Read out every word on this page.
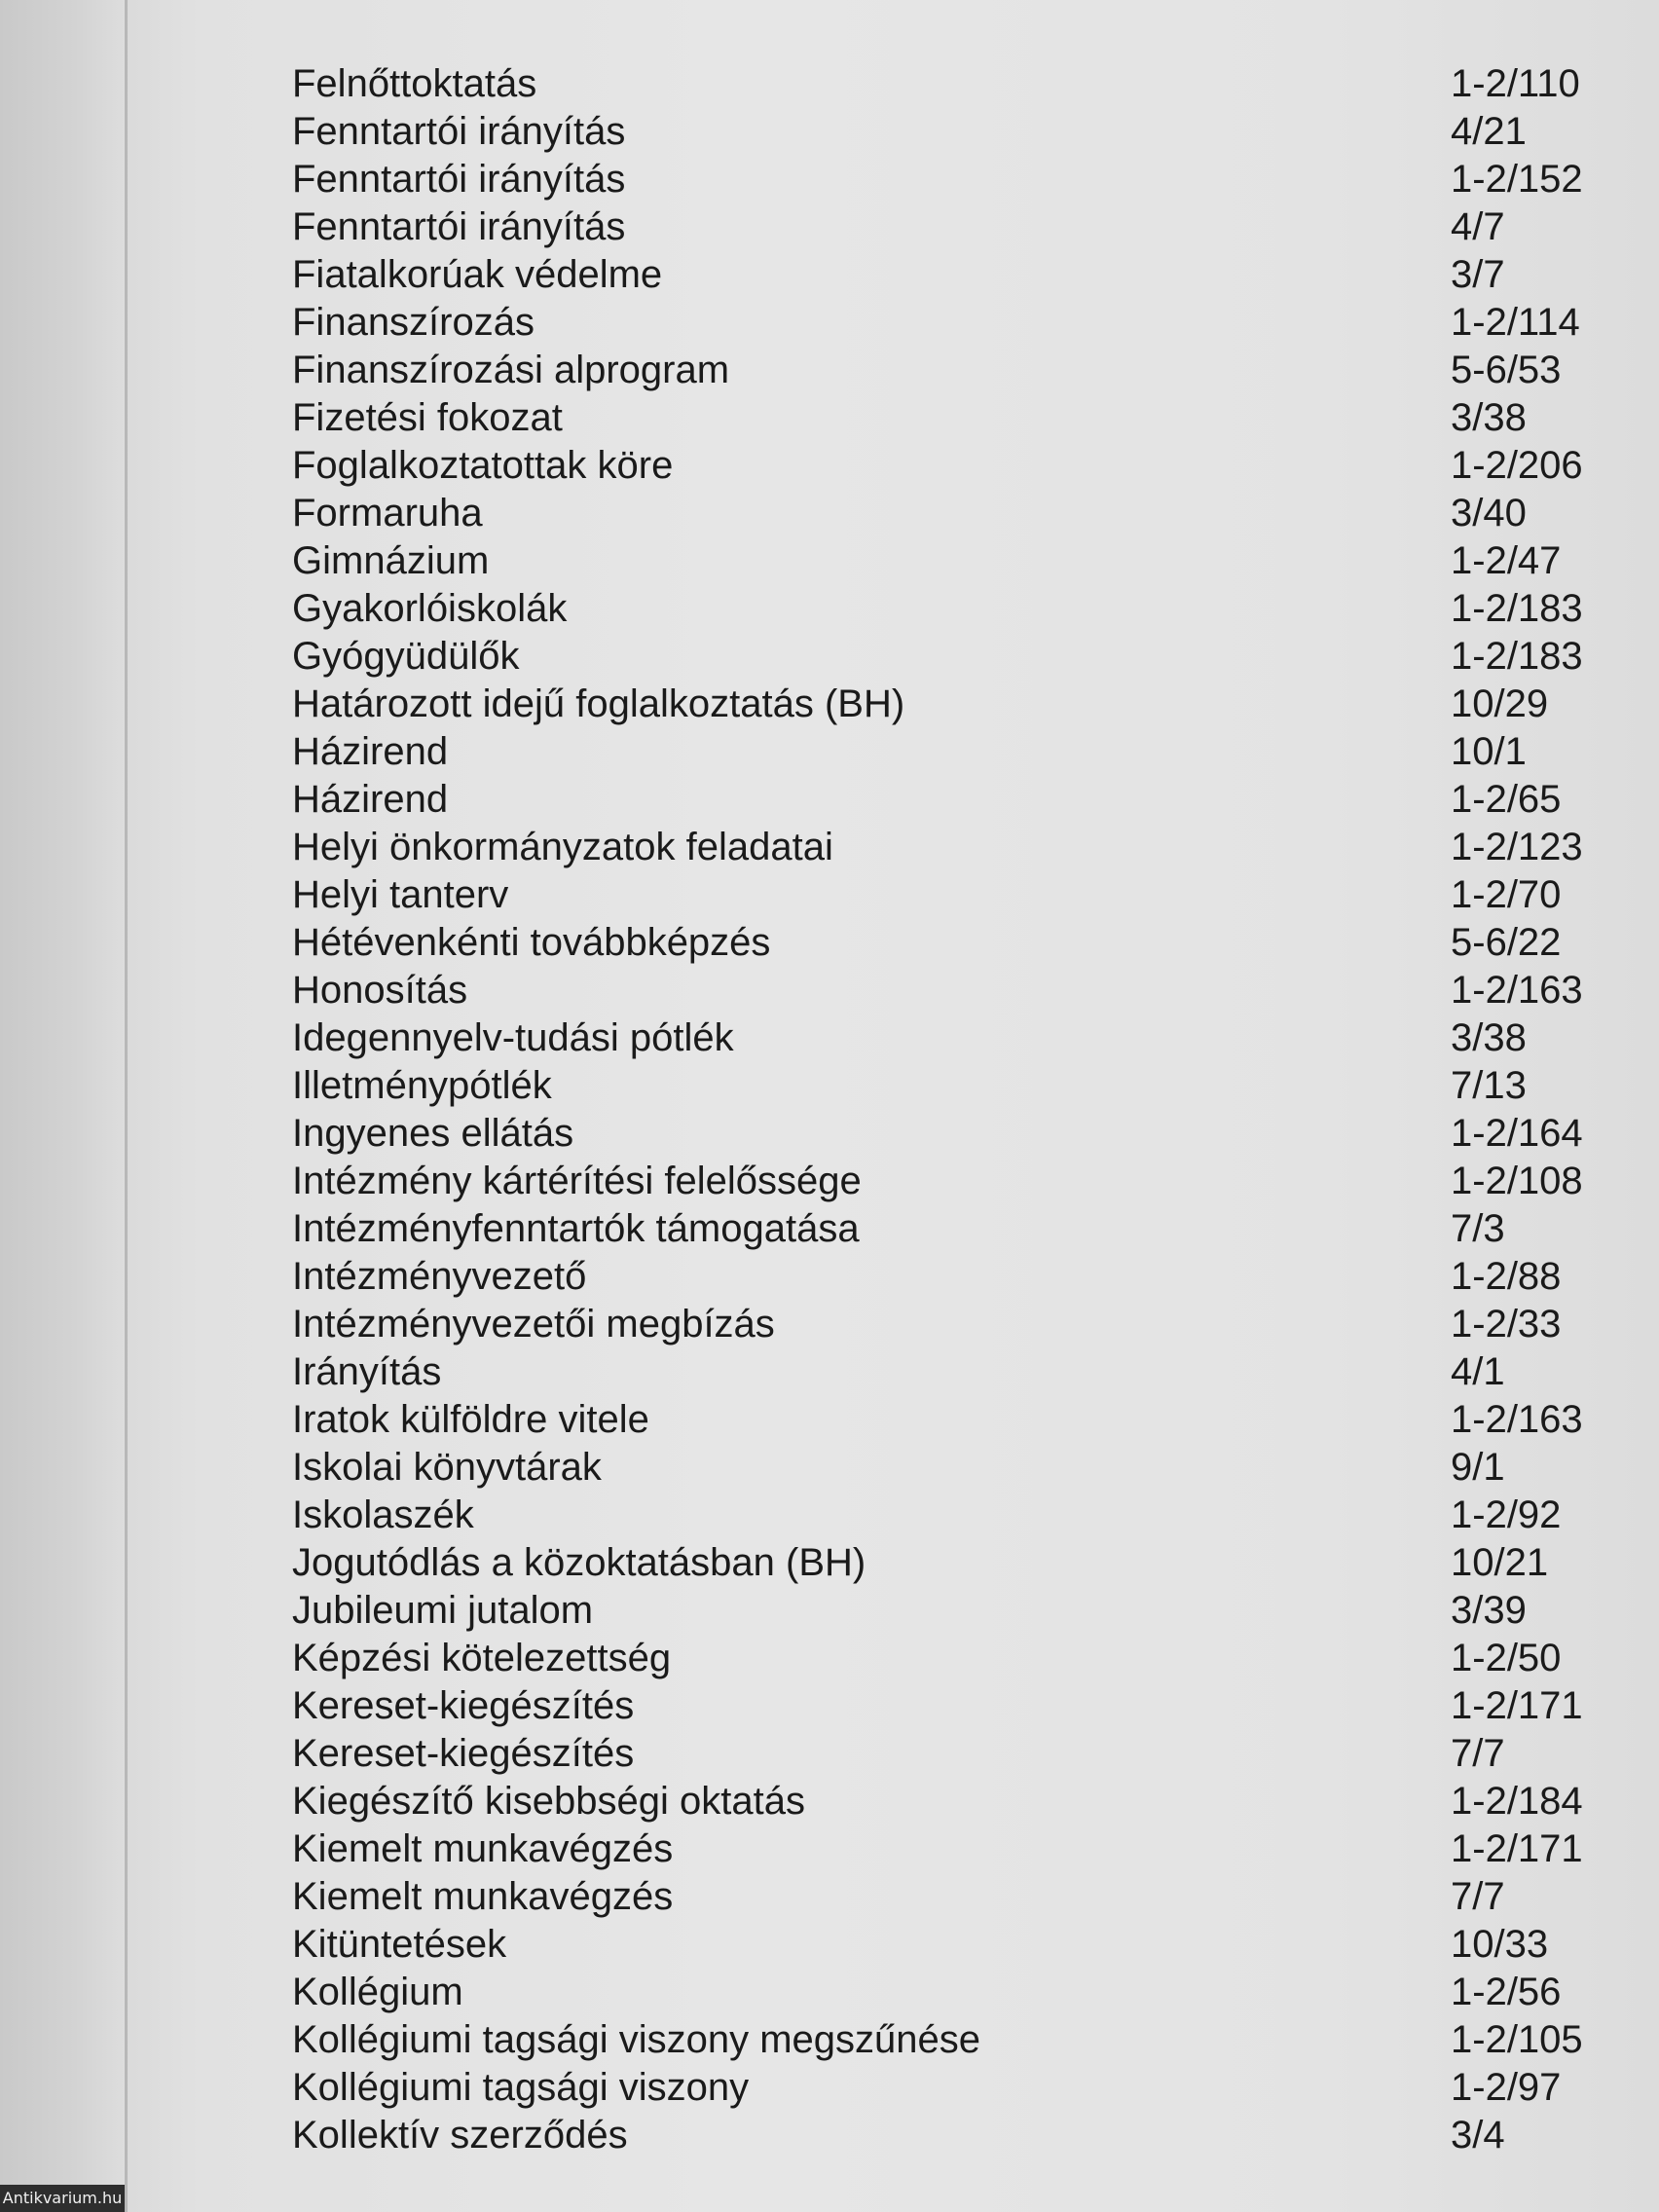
Felnőttoktatás	1-2/110
Fenntartói irányítás	4/21
Fenntartói irányítás	1-2/152
Fenntartói irányítás	4/7
Fiatalkorúak védelme	3/7
Finanszírozás	1-2/114
Finanszírozási alprogram	5-6/53
Fizetési fokozat	3/38
Foglalkoztatottak köre	1-2/206
Formaruha	3/40
Gimnázium	1-2/47
Gyakorlóiskolák	1-2/183
Gyógyüdülők	1-2/183
Határozott idejű foglalkoztatás (BH)	10/29
Házirend	10/1
Házirend	1-2/65
Helyi önkormányzatok feladatai	1-2/123
Helyi tanterv	1-2/70
Hétévenkénti továbbképzés	5-6/22
Honosítás	1-2/163
Idegennyelv-tudási pótlék	3/38
Illetménypótlék	7/13
Ingyenes ellátás	1-2/164
Intézmény kártérítési felelőssége	1-2/108
Intézményfenntartók támogatása	7/3
Intézményvezető	1-2/88
Intézményvezetői megbízás	1-2/33
Irányítás	4/1
Iratok külföldre vitele	1-2/163
Iskolai könyvtárak	9/1
Iskolaszék	1-2/92
Jogutódlás a közoktatásban (BH)	10/21
Jubileumi jutalom	3/39
Képzési kötelezettség	1-2/50
Kereset-kiegészítés	1-2/171
Kereset-kiegészítés	7/7
Kiegészítő kisebbségi oktatás	1-2/184
Kiemelt munkavégzés	1-2/171
Kiemelt munkavégzés	7/7
Kitüntetések	10/33
Kollégium	1-2/56
Kollégiumi tagsági viszony megszűnése	1-2/105
Kollégiumi tagsági viszony	1-2/97
Kollektív szerződés	3/4
Antikvarium.hu
